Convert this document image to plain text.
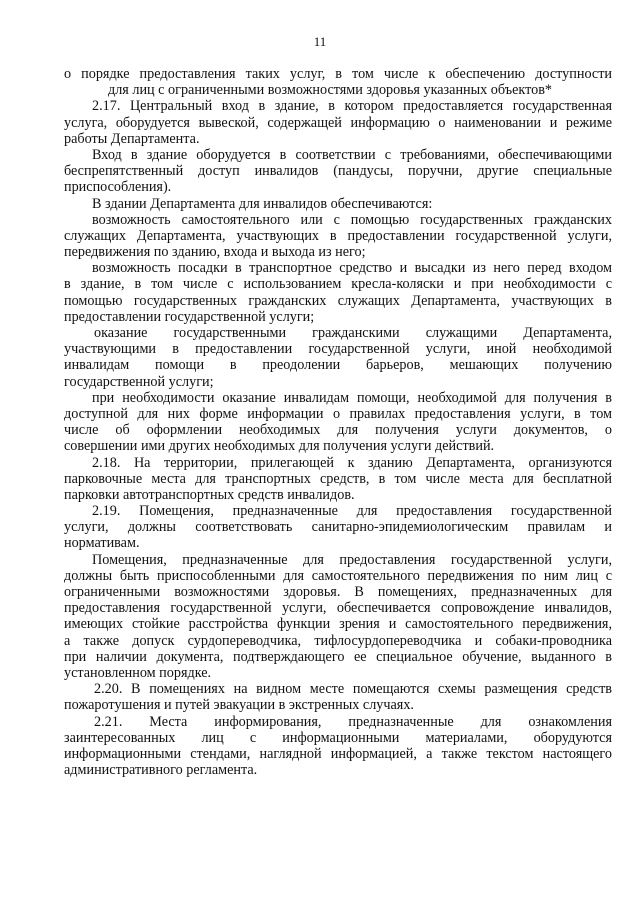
11
о порядке предоставления таких услуг, в том числе к обеспечению доступности
для лиц с ограниченными возможностями здоровья указанных объектов*
2.17. Центральный вход в здание, в котором предоставляется государственная
услуга, оборудуется вывеской, содержащей информацию о наименовании и режиме
работы Департамента.
Вход в здание оборудуется в соответствии с требованиями, обеспечивающими
беспрепятственный доступ инвалидов (пандусы, поручни, другие специальные
приспособления).
В здании Департамента для инвалидов обеспечиваются:
возможность самостоятельного или с помощью государственных гражданских
служащих Департамента, участвующих в предоставлении государственной услуги,
передвижения по зданию, входа и выхода из него;
возможность посадки в транспортное средство и высадки из него перед входом
в здание, в том числе с использованием кресла-коляски и при необходимости с
помощью государственных гражданских служащих Департамента, участвующих в
предоставлении государственной услуги;
оказание государственными гражданскими служащими Департамента,
участвующими в предоставлении государственной услуги, иной необходимой
инвалидам помощи в преодолении барьеров, мешающих получению
государственной услуги;
при необходимости оказание инвалидам помощи, необходимой для получения в
доступной для них форме информации о правилах предоставления услуги, в том
числе об оформлении необходимых для получения услуги документов, о
совершении ими других необходимых для получения услуги действий.
2.18. На территории, прилегающей к зданию Департамента, организуются
парковочные места для транспортных средств, в том числе места для бесплатной
парковки автотранспортных средств инвалидов.
2.19. Помещения, предназначенные для предоставления государственной
услуги, должны соответствовать санитарно-эпидемиологическим правилам и
нормативам.
Помещения, предназначенные для предоставления государственной услуги,
должны быть приспособленными для самостоятельного передвижения по ним лиц с
ограниченными возможностями здоровья. В помещениях, предназначенных для
предоставления государственной услуги, обеспечивается сопровождение инвалидов,
имеющих стойкие расстройства функции зрения и самостоятельного передвижения,
а также допуск сурдопереводчика, тифлосурдопереводчика и собаки-проводника
при наличии документа, подтверждающего ее специальное обучение, выданного в
установленном порядке.
2.20. В помещениях на видном месте помещаются схемы размещения средств
пожаротушения и путей эвакуации в экстренных случаях.
2.21. Места информирования, предназначенные для ознакомления
заинтересованных лиц с информационными материалами, оборудуются
информационными стендами, наглядной информацией, а также текстом настоящего
административного регламента.
